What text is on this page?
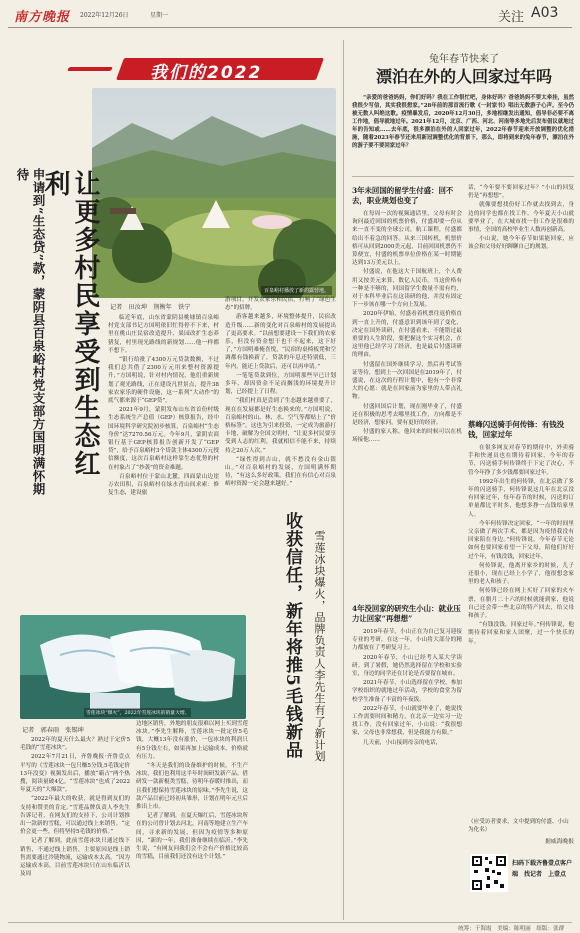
南方晚报 2022年12月26日	星期一	关注 A03
我们的2022

百泉峪村播放了新的露营地。
让更多村民享受到生态红利
申请到“生态贷”款，蒙阴县百泉峪村党支部方国明满怀期待
记者　田汝坤　荆衡年　铁宁

临近年底，山东省蒙阴县桃墟镇百泉峪村党支部书记方国明依旧忙得停不下来，村里在桃山庄民宿改造提升、果园改扩生态养猪复，村里现光路线的新规划……他一样都不想下。

“银行给批了4300万元贷款数额，不过我们总共借了2300万元用来整村资源提升，”方国明说，针对村内情况，他们重新规划了观光路线，正在建设凡世景点，提升38家农家乐的硬件设施，这一系列“大动作”的底气都来源于“GEP贷”。

2021年9月，蒙阴发布山东省首份村级生态系统生产总值（GEP）核算报告，经中国环境科学研究院初步核算，百泉峪村“生态身价”达7270.56万元。今年9月，蒙阴农商银行基于GEP核算报告创新开发了“GEP贷”，给予百泉峪村3个贷款主体4300万元授信额度，这次百泉峪村这样靠生态优势的村在村象占了“抄袭”的资金难题。

百泉峪村位于蒙山北麓，四面蒙山边崖万农田积，百泉峪村在绿水青山间求索：修复生态，建设旅

游项目，开发农家乐和民宿，打响了“绿色生态”的招牌。

游客越来越多，环境整体提升，民宿改造升级……新的变化对百泉峪村的发展提出了更高要求。“以前想要建设一下我们的农家乐，但没有资金想干也干不起来，这下好了，”方国明难掩喜悦，“民宿的桌椅板凳和空调都有钱换新了，贷款的年息还特别低，三年内，能还上贷款后，还可以再申请。”

一笔笔贷款到位，方国明那些早已计划多年、却因资金不足而搁浅的环境提升计划，已经提上了日程。

“我们村真是尝到了生态越来越重要了，现在在发展都是好生态换来的。”方国明说，百泉峪村的山、林、水、空气等都贴上了“价格标签”，这也为引来投资，一定成为旅游打卡地，破解为全国文明村，“让更多村民要享受到人志的红利，我就相信不能不来，持续持之20万人次。”

“绿性得到吉山，就不愁没有金山银山。”对百泉峪村的发展，方国明满怀期待，“有这么多好政策，我们在有信心对百泉峪村资源一定会越来越好。”

雪莲冰块“爆火”，2022年雪莲冰块的销量大增。	收获信任，新年将推5毛钱新品 雪莲冰块爆火，品牌负责人李先生有了新计划
记者　郭春雨　张锡坤

2022年的夏天什么最火？熟过于定价5毛钱的“雪莲冰块”。

2022年7月21日，齐鲁晚报·齐鲁壹点平写的《雪莲冰块一包只赚5分钱,5毛钱定价13年没变》视频发出后，播放“霸占”两个热搜，阅读量破4亿。“雪莲冰块”也成了2022年夏天的“大爆款”。

“2022年最大的收获，就是得到友们的支持和赞美的肯定。”雪莲品牌负责人李先生告诉记者，在网友们的支持下，公司计划推出一款新的雪糕，可以通过线上来销售。“定价会更一些，但将坚持5毛钱的价格。”

记者了解到，此前雪莲冰块只通过线下销售，不通过线上销售，主要原因是线上销售需要通过冷链物流，运输成本太高。“因为运输成本高，目前雪莲冰块只在山东临沂以及周

边地区销售，外地的朋友很难以网上买到雪莲冰块。”李先生解释，雪莲冰块一批定价5毛钱，大概13年没有涨价，一包冰块的利润只有5分钱左右，如果再加上运输成本，价格就有压力。

“冬天是我们的设备维护的时候，不生产冰块，我们也利用这半年时间研发新产品。借研发一款新棍类雪糕，待明年春暖时推出，而且我们想保持雪莲冰块的原味。”李先生说，这款产品目前已经初具雏形，计划在明年元旦后推出上市。

记者了解到，在夏天爆红后，雪莲冰块所在的公司曾计划去河北，河南等地建立生产车间，寻求新的发展，但因为疫情等多种原因，“新的一年，我们准备继续在临沂。”李先生说，“有网友问我们会不会有产价格比较高的雪糕，目前我们还没有这个计划。”

兔年春节快来了
漂泊在外的人回家过年吗

“亲爱的爸爸妈妈，你们好吗？我在工作很忙吧，身体好吗？爸爸妈妈不要太牵挂，虽然我很少写信，其实我很想家。”28年前的那首流行歌《一封家书》唱出无数游子心声。至今仍被无数人叫绝这歌。疫情暴发后，2020年12月30日，多地相继发出通知，倡导非必要不离工作地，倡导就地过年。2021年12月，北京、广西、河北、河南等多地先后发布倡议就地过年的告知或……去年底，很多漂泊在外的人回家过年，2022年春节迎来开放调整的优化措施，随着2023年春节还来用新冠调整优化的背景下，那么，即将到来的兔年春节，漂泊在外的游子要不要回家过年？

3年未回国的留学生付盛：回不去，职业规划也变了

在每周一次的视频通话里，父母有时会询问最近回国的机票价格，付盛却要一份从来一直不变的全球公司，航工课程，付盛都给出不着急的回答。从来三国转机，机票价格可从回到2000美元起，目前回国机票仍不算便宜，付盛的机票单位价格在某一时期能达到13万美元以上。

付盛说，在他这大千国航班上，个人费用又按美元来算，数亿人民币。当这价格有一种是不够的，回国留学生数量不需有约，对于本科毕业后在这读研的他，并没有固定下一步该在哪一个方向上发展。

2020年伊始，付盛看着机票往返价格直到一直上升的，付盛意识到该年到了变化，决定在国外读研，在付盛看来，不能错过最重要的人生阶段，要把握这个实习机会，在这里他已经学习了经济，也是最后付盛读研的理由。

付盛留在国外继续学习，然后再考试签证等待，想到上一次回国是在2019年了，付盛说，在这次的行程计划中，他有一个非常大的心愿：就是在回家前为家里的人带点礼物。

付盛回国后计划，现在刚毕业了，付盛还在积极的思考去哪里找工作，方向都是不是经济，想家问，要有更好的经济。

付盛的家人称，他回来的时候可以在机场接他……

4年没回家的研究生小山：就业压力让回家“再想想”

2019年春节，小山正在为自己复习迎接专业的考研，在这一年，小山将大部分的精力都放在了考研复习上。

2020年春节，小山已经考入某大学读研。到了暑假，她仍然选择留在学校和实验室，身边的同学还在讨论是否要留在城市。

2021年春节，小山选择留在学校，参加学校组织的就地过年活动，学校的食堂为留校学生准备了丰富的年夜饭。

2022年春节，小山就要毕业了，她说找工作需要时间和精力，在北京一边实习一边找工作，没有回家过年，小山说：“我很想家，父母也非常想我，但是我能力有限。”

几天前，小山接到母亲的电话，

话，“今年要不要回家过年？”小山的回复仍是“再想想”。

就像要想找份好工作就去找到去，身边的同学也都在找工作。今年夏天小山就要毕业了，在大城市找一份工作是很难的事情，全国的高校毕业生人数再创新高。

小山说，她今年春节如果能回家，应该会和父母好好聊聊自己的规划。

蔡峰闪送骑手何传锋：有钱没钱，回家过年

在很多网友对春节的期待中，外卖骑手和快递员也在期待着回家，今年的春节，闪送骑手何传锋终于下定了决心，不管今年挣了多少钱都要回家过年。

1992年出生的何传锋，在北京做了多年的闪送骑手，何传锋说这几年在北京没有回家过年，每年春节的时候，闪送的订单量都比平时多，他想多挣一点钱给家里人。

今年何传锋决定回家，“一年的时间里父亲做了两次手术，都是因为疫情我没有回家陪在身边。”何传锋说，今年春节无论如何也要回家看望一下父母，陪他们好好过个年，有钱没钱，回家过年。

何传锋说，他离开家乡的时候，儿子还很小，现在已经上小学了，他很想念家里的老人和孩子。

何传锋已经在网上买好了回家的火车票，在腊月二十六的时候就能到家，他说自己还会带一些北京的特产回去，给父母和孩子。

“有钱没钱，回家过年。”何传锋说，他期待着回家和家人团聚，过一个快乐的年。

（应受访者要求，文中提到的付盛、小山为化名）
据威海晚报
扫码下载齐鲁壹点客户端　找记者　上壹点
统筹：于海霞　美编：陈明丽　组版：张群
